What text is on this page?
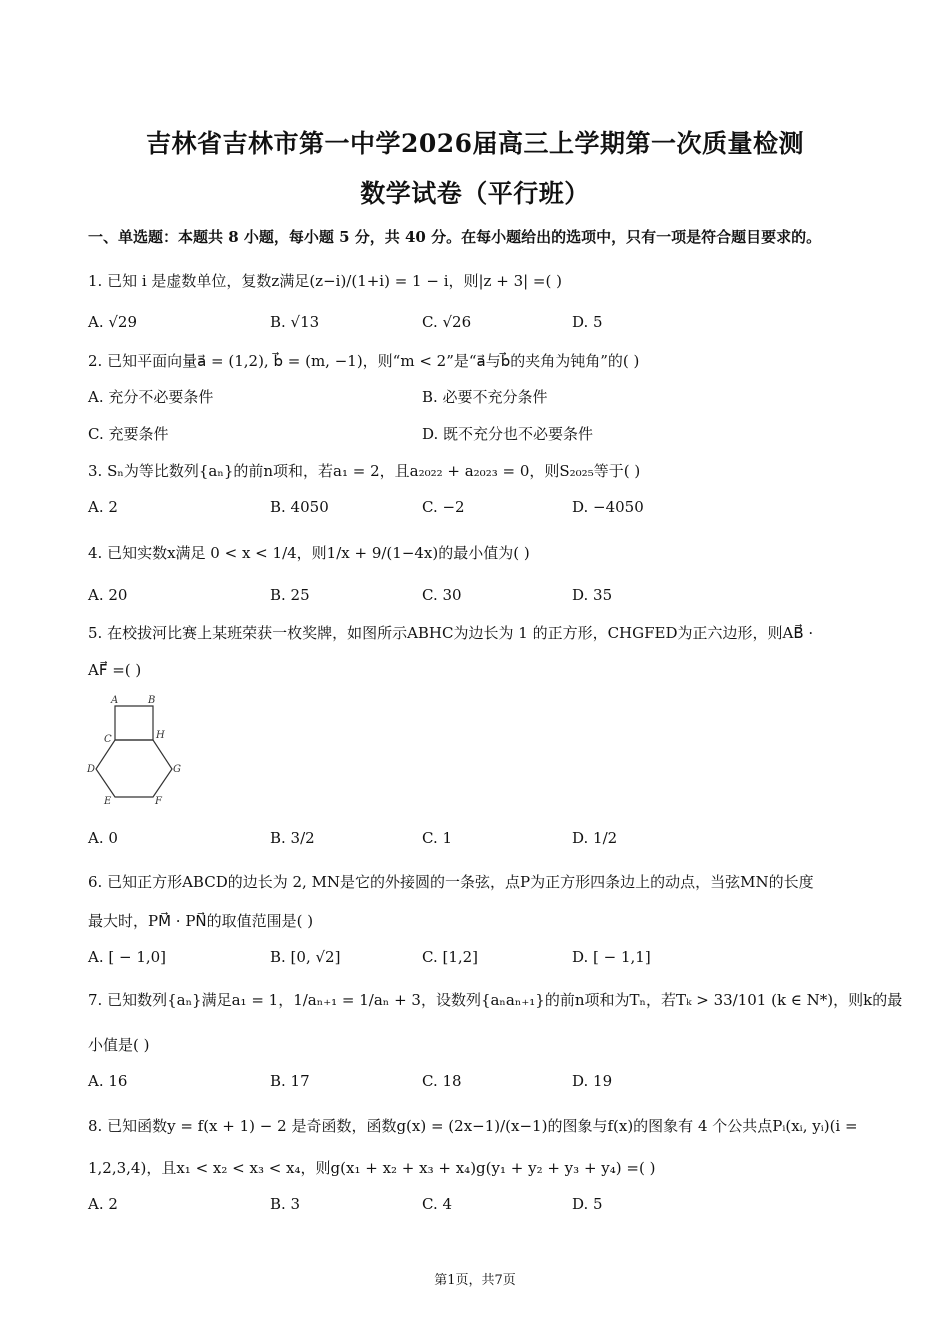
吉林省吉林市第一中学2026届高三上学期第一次质量检测
数学试卷（平行班）
一、单选题：本题共 8 小题，每小题 5 分，共 40 分。在每小题给出的选项中，只有一项是符合题目要求的。
1. 已知 i 是虚数单位，复数z满足(z−i)/(1+i) = 1 − i，则|z + 3| =( )
A. √29	B. √13	C. √26	D. 5
2. 已知平面向量a⃗ = (1,2), b⃗ = (m, −1)，则“m < 2”是“a⃗与b⃗的夹角为钝角”的( )
A. 充分不必要条件	B. 必要不充分条件
C. 充要条件	D. 既不充分也不必要条件
3. Sₙ为等比数列{aₙ}的前n项和，若a₁ = 2，且a₂₀₂₂ + a₂₀₂₃ = 0，则S₂₀₂₅等于( )
A. 2	B. 4050	C. −2	D. −4050
4. 已知实数x满足 0 < x < 1/4，则1/x + 9/(1−4x)的最小值为( )
A. 20	B. 25	C. 30	D. 35
5. 在校拔河比赛上某班荣获一枚奖牌，如图所示ABHC为边长为 1 的正方形，CHGFED为正六边形，则AB⃗ ·
AF⃗ =( )
A	B
C	H
D	G
E	F
A. 0	B. 3/2	C. 1	D. 1/2
6. 已知正方形ABCD的边长为 2, MN是它的外接圆的一条弦，点P为正方形四条边上的动点，当弦MN的长度
最大时，PM⃗ · PN⃗的取值范围是( )
A. [ − 1,0]	B. [0, √2]	C. [1,2]	D. [ − 1,1]
7. 已知数列{aₙ}满足a₁ = 1，1/aₙ₊₁ = 1/aₙ + 3，设数列{aₙaₙ₊₁}的前n项和为Tₙ，若Tₖ > 33/101 (k ∈ N*)，则k的最
小值是( )
A. 16	B. 17	C. 18	D. 19
8. 已知函数y = f(x + 1) − 2 是奇函数，函数g(x) = (2x−1)/(x−1)的图象与f(x)的图象有 4 个公共点Pᵢ(xᵢ, yᵢ)(i =
1,2,3,4)，且x₁ < x₂ < x₃ < x₄，则g(x₁ + x₂ + x₃ + x₄)g(y₁ + y₂ + y₃ + y₄) =( )
A. 2	B. 3	C. 4	D. 5
第1页，共7页
